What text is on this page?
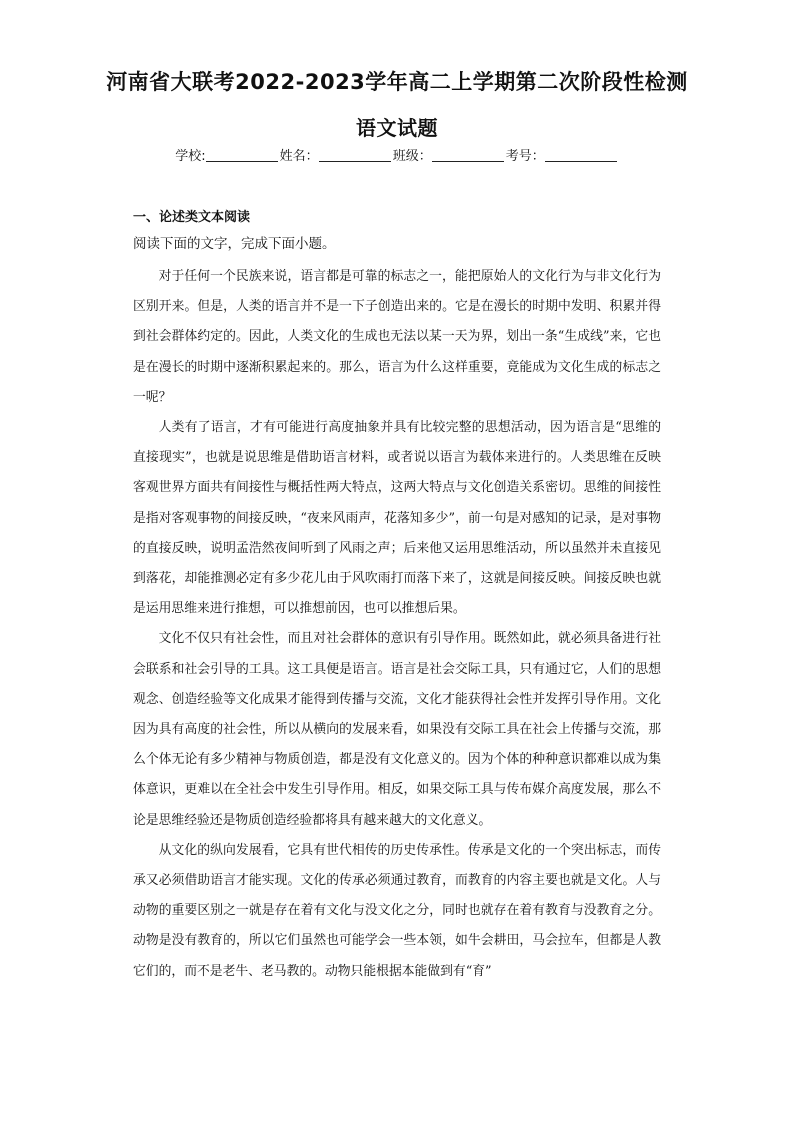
河南省大联考2022-2023学年高二上学期第二次阶段性检测
语文试题
学校:	姓名：	班级：	考号：
一、论述类文本阅读
阅读下面的文字，完成下面小题。

对于任何一个民族来说，语言都是可靠的标志之一，能把原始人的文化行为与非文化行为区别开来。但是，人类的语言并不是一下子创造出来的。它是在漫长的时期中发明、积累并得到社会群体约定的。因此，人类文化的生成也无法以某一天为界，划出一条“生成线”来，它也是在漫长的时期中逐渐积累起来的。那么，语言为什么这样重要，竟能成为文化生成的标志之一呢？

人类有了语言，才有可能进行高度抽象并具有比较完整的思想活动，因为语言是“思维的直接现实”，也就是说思维是借助语言材料，或者说以语言为载体来进行的。人类思维在反映客观世界方面共有间接性与概括性两大特点，这两大特点与文化创造关系密切。思维的间接性是指对客观事物的间接反映，“夜来风雨声，花落知多少”，前一句是对感知的记录，是对事物的直接反映，说明孟浩然夜间听到了风雨之声；后来他又运用思维活动，所以虽然并未直接见到落花，却能推测必定有多少花儿由于风吹雨打而落下来了，这就是间接反映。间接反映也就是运用思维来进行推想，可以推想前因，也可以推想后果。

文化不仅只有社会性，而且对社会群体的意识有引导作用。既然如此，就必须具备进行社会联系和社会引导的工具。这工具便是语言。语言是社会交际工具，只有通过它，人们的思想观念、创造经验等文化成果才能得到传播与交流，文化才能获得社会性并发挥引导作用。文化因为具有高度的社会性，所以从横向的发展来看，如果没有交际工具在社会上传播与交流，那么个体无论有多少精神与物质创造，都是没有文化意义的。因为个体的种种意识都难以成为集体意识，更难以在全社会中发生引导作用。相反，如果交际工具与传布媒介高度发展，那么不论是思维经验还是物质创造经验都将具有越来越大的文化意义。

从文化的纵向发展看，它具有世代相传的历史传承性。传承是文化的一个突出标志，而传承又必须借助语言才能实现。文化的传承必须通过教育，而教育的内容主要也就是文化。人与动物的重要区别之一就是存在着有文化与没文化之分，同时也就存在着有教育与没教育之分。动物是没有教育的，所以它们虽然也可能学会一些本领，如牛会耕田，马会拉车，但都是人教它们的，而不是老牛、老马教的。动物只能根据本能做到有“育”
